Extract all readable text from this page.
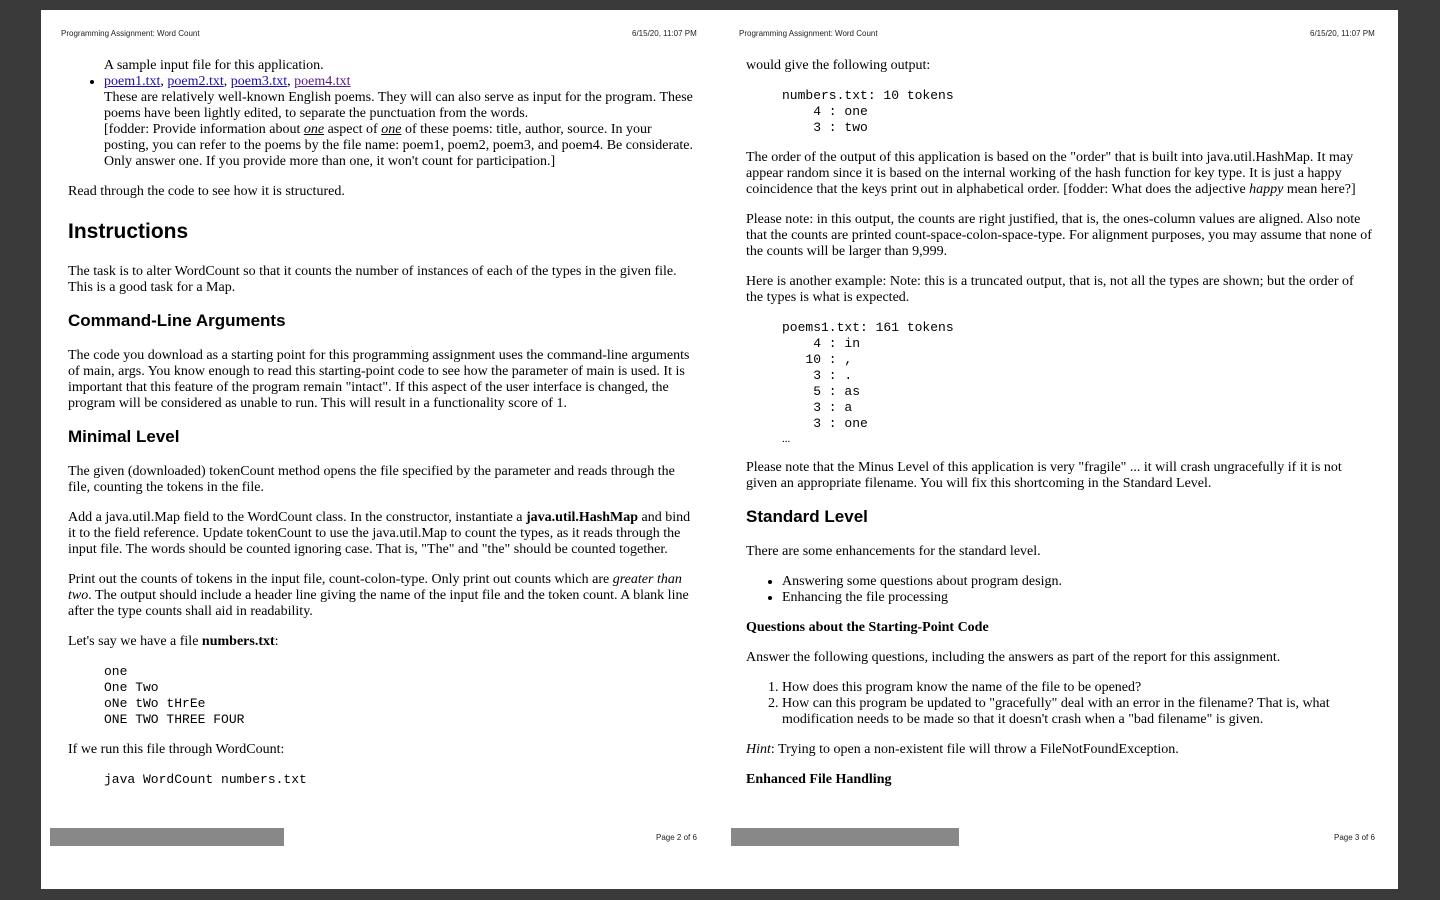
Programming Assignment: Word Count	6/15/20, 11:07 PM

A sample input file for this application.

• poem1.txt, poem2.txt, poem3.txt, poem4.txt

These are relatively well-known English poems. They will can also serve as input for the program. These poems have been lightly edited, to separate the punctuation from the words.

[fodder: Provide information about one aspect of one of these poems: title, author, source. In your posting, you can refer to the poems by the file name: poem1, poem2, poem3, and poem4. Be considerate. Only answer one. If you provide more than one, it won't count for participation.]

Read through the code to see how it is structured.

Instructions

The task is to alter WordCount so that it counts the number of instances of each of the types in the given file. This is a good task for a Map.

Command-Line Arguments

The code you download as a starting point for this programming assignment uses the command-line arguments of main, args. You know enough to read this starting-point code to see how the parameter of main is used. It is important that this feature of the program remain "intact". If this aspect of the user interface is changed, the program will be considered as unable to run. This will result in a functionality score of 1.

Minimal Level

The given (downloaded) tokenCount method opens the file specified by the parameter and reads through the file, counting the tokens in the file.

Add a java.util.Map field to the WordCount class. In the constructor, instantiate a java.util.HashMap and bind it to the field reference. Update tokenCount to use the java.util.Map to count the types, as it reads through the input file. The words should be counted ignoring case. That is, "The" and "the" should be counted together.

Print out the counts of tokens in the input file, count-colon-type. Only print out counts which are greater than two. The output should include a header line giving the name of the input file and the token count. A blank line after the type counts shall aid in readability.

Let's say we have a file numbers.txt:

one
One Two
oNe tWo tHrEe
ONE TWO THREE FOUR

If we run this file through WordCount:

java WordCount numbers.txt
Page 2 of 6
Programming Assignment: Word Count	6/15/20, 11:07 PM

would give the following output:

numbers.txt: 10 tokens
4 : one
3 : two

The order of the output of this application is based on the "order" that is built into java.util.HashMap. It may appear random since it is based on the internal working of the hash function for key type. It is just a happy coincidence that the keys print out in alphabetical order. [fodder: What does the adjective happy mean here?]

Please note: in this output, the counts are right justified, that is, the ones-column values are aligned. Also note that the counts are printed count-space-colon-space-type. For alignment purposes, you may assume that none of the counts will be larger than 9,999.

Here is another example: Note: this is a truncated output, that is, not all the types are shown; but the order of the types is what is expected.

poems1.txt: 161 tokens
4 : in
10 : ,
3 : .
5 : as
3 : a
3 : one

...

Please note that the Minus Level of this application is very "fragile" ... it will crash ungracefully if it is not given an appropriate filename. You will fix this shortcoming in the Standard Level.

Standard Level

There are some enhancements for the standard level.

• Answering some questions about program design.
• Enhancing the file processing
Questions about the Starting-Point Code

Answer the following questions, including the answers as part of the report for this assignment.

1. How does this program know the name of the file to be opened?
2. How can this program be updated to "gracefully" deal with an error in the filename? That is, what modification needs to be made so that it doesn't crash when a "bad filename" is given.

Hint: Trying to open a non-existent file will throw a FileNotFoundException.

Enhanced File Handling
Page 3 of 6
